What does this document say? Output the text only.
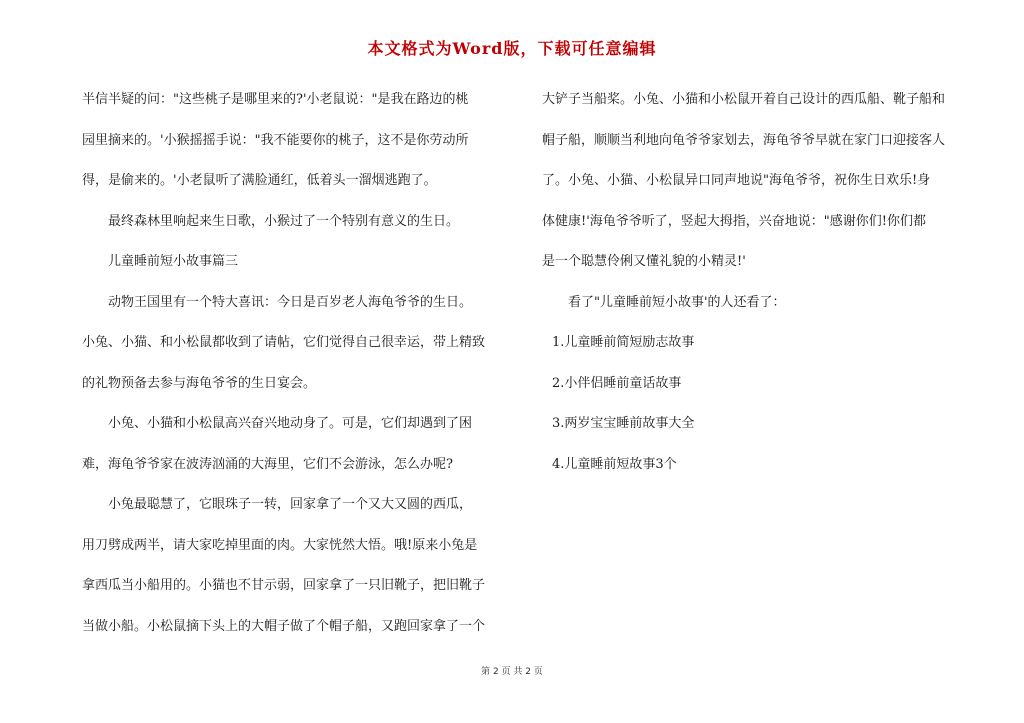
本文格式为Word版，下载可任意编辑

半信半疑的问："这些桃子是哪里来的?'小老鼠说："是我在路边的桃

园里摘来的。'小猴摇摇手说："我不能要你的桃子，这不是你劳动所

得，是偷来的。'小老鼠听了满脸通红，低着头一溜烟逃跑了。

最终森林里响起来生日歌，小猴过了一个特别有意义的生日。

儿童睡前短小故事篇三

动物王国里有一个特大喜讯：今日是百岁老人海龟爷爷的生日。

小兔、小猫、和小松鼠都收到了请帖，它们觉得自己很幸运，带上精致

的礼物预备去参与海龟爷爷的生日宴会。

小兔、小猫和小松鼠高兴奋兴地动身了。可是，它们却遇到了困

难，海龟爷爷家在波涛汹涌的大海里，它们不会游泳，怎么办呢?

小兔最聪慧了，它眼珠子一转，回家拿了一个又大又圆的西瓜，

用刀劈成两半，请大家吃掉里面的肉。大家恍然大悟。哦!原来小兔是

拿西瓜当小船用的。小猫也不甘示弱，回家拿了一只旧靴子，把旧靴子

当做小船。小松鼠摘下头上的大帽子做了个帽子船，又跑回家拿了一个

大铲子当船桨。小兔、小猫和小松鼠开着自己设计的西瓜船、靴子船和

帽子船，顺顺当利地向龟爷爷家划去，海龟爷爷早就在家门口迎接客人

了。小兔、小猫、小松鼠异口同声地说"海龟爷爷，祝你生日欢乐!身

体健康!'海龟爷爷听了，竖起大拇指，兴奋地说："感谢你们!你们都

是一个聪慧伶俐又懂礼貌的小精灵!'

看了"儿童睡前短小故事'的人还看了：

1.儿童睡前简短励志故事

2.小伴侣睡前童话故事

3.两岁宝宝睡前故事大全

4.儿童睡前短故事3个

第 2 页 共 2 页
